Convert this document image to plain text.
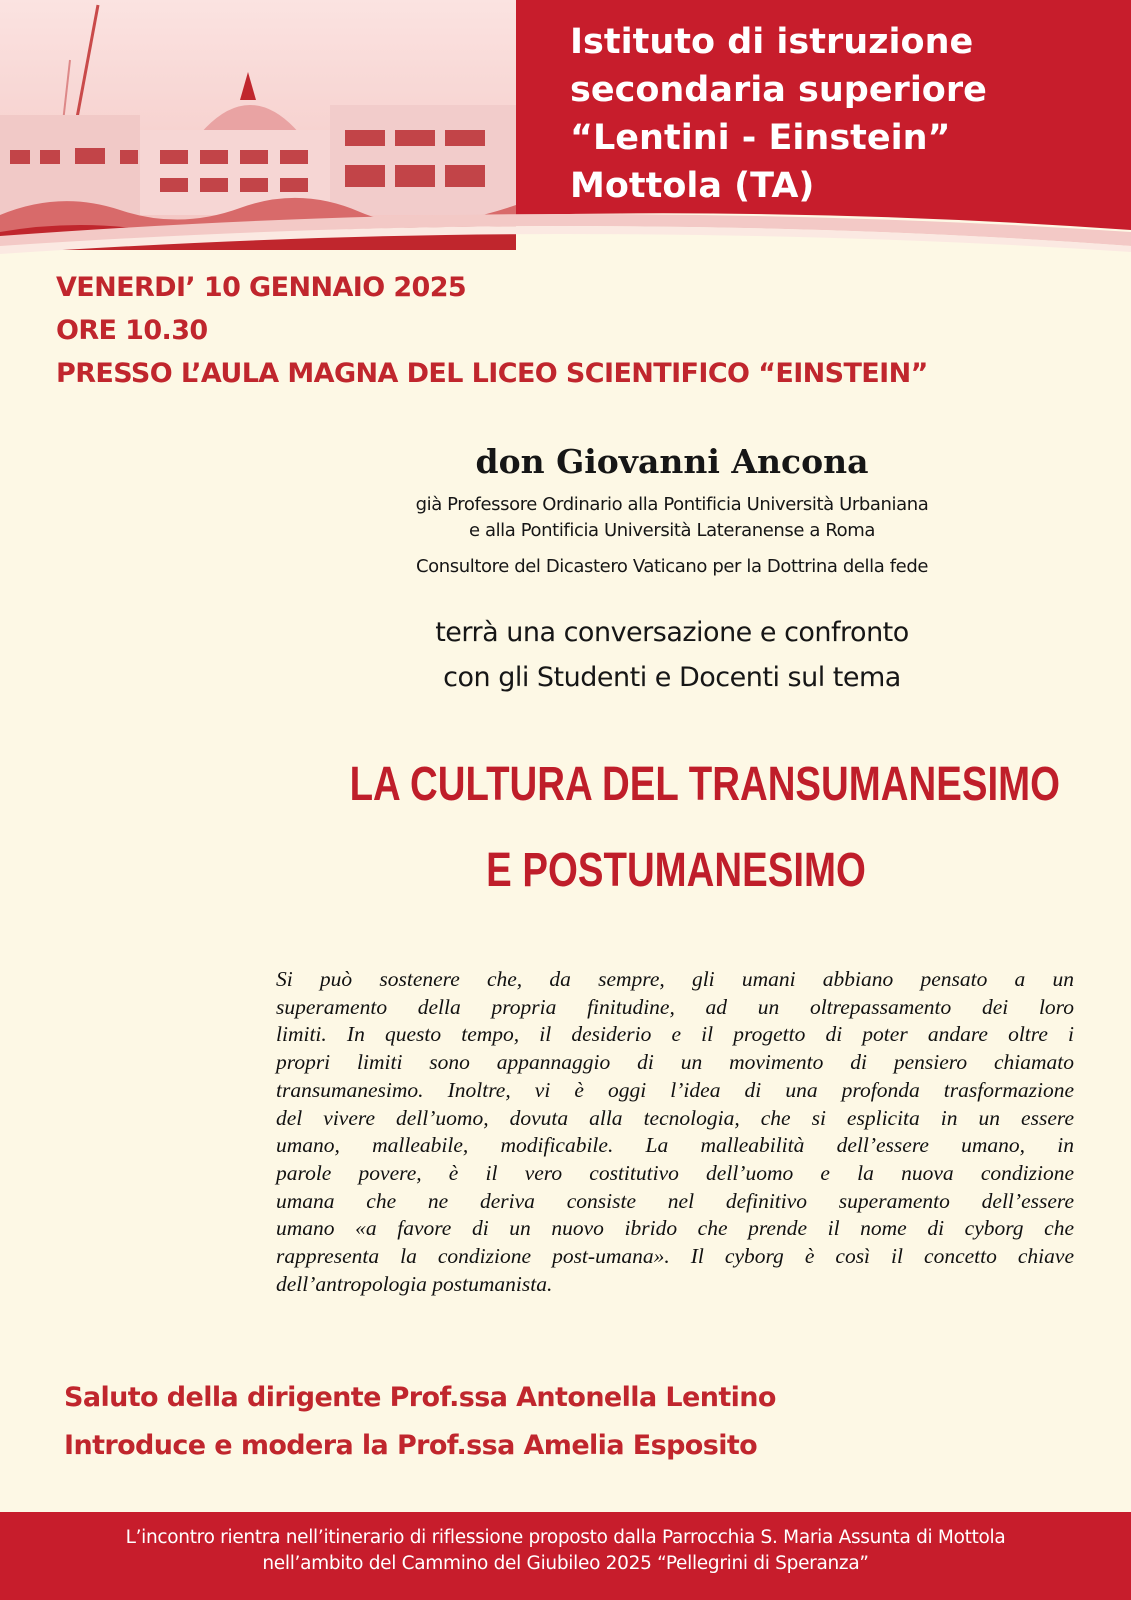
Istituto di istruzione
secondaria superiore
“Lentini - Einstein”
Mottola (TA)
VENERDI’ 10 GENNAIO 2025
ORE 10.30
PRESSO L’AULA MAGNA DEL LICEO SCIENTIFICO “EINSTEIN”
don Giovanni Ancona
già Professore Ordinario alla Pontificia Università Urbaniana
e alla Pontificia Università Lateranense a Roma
Consultore del Dicastero Vaticano per la Dottrina della fede
terrà una conversazione e confronto
con gli Studenti e Docenti sul tema
LA CULTURA DEL TRANSUMANESIMO
E POSTUMANESIMO
Si può sostenere che, da sempre, gli umani abbiano pensato a un
superamento della propria finitudine, ad un oltrepassamento dei loro
limiti. In questo tempo, il desiderio e il progetto di poter andare oltre i
propri limiti sono appannaggio di un movimento di pensiero chiamato
transumanesimo. Inoltre, vi è oggi l’idea di una profonda trasformazione
del vivere dell’uomo, dovuta alla tecnologia, che si esplicita in un essere
umano, malleabile, modificabile. La malleabilità dell’essere umano, in
parole povere, è il vero costitutivo dell’uomo e la nuova condizione
umana che ne deriva consiste nel definitivo superamento dell’essere
umano «a favore di un nuovo ibrido che prende il nome di cyborg che
rappresenta la condizione post-umana». Il cyborg è così il concetto chiave
dell’antropologia postumanista.
Saluto della dirigente Prof.ssa Antonella Lentino
Introduce e modera la Prof.ssa Amelia Esposito

L’incontro rientra nell’itinerario di riflessione proposto dalla Parrocchia S. Maria Assunta di Mottola
nell’ambito del Cammino del Giubileo 2025 “Pellegrini di Speranza”
